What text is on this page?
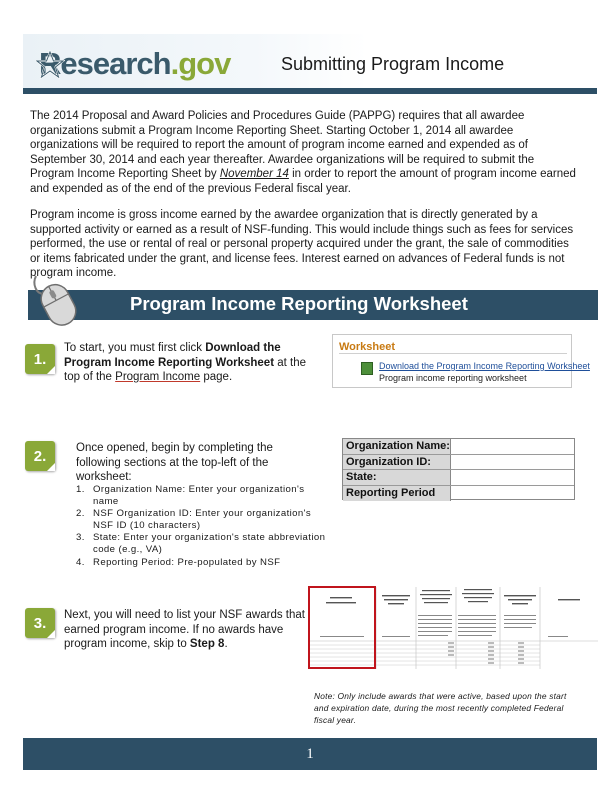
Research .gov	Submitting Program Income
The 2014 Proposal and Award Policies and Procedures Guide (PAPPG) requires that all awardee organizations submit a Program Income Reporting Sheet. Starting October 1, 2014 all awardee organizations will be required to report the amount of program income earned and expended as of September 30, 2014 and each year thereafter. Awardee organizations will be required to submit the Program Income Reporting Sheet by November 14 in order to report the amount of program income earned and expended as of the end of the previous Federal fiscal year.
Program income is gross income earned by the awardee organization that is directly generated by a supported activity or earned as a result of NSF-funding. This would include things such as fees for services performed, the use or rental of real or personal property acquired under the grant, the sale of commodities or items fabricated under the grant, and license fees. Interest earned on advances of Federal funds is not program income.
Program Income Reporting Worksheet
1.
To start, you must first click Download the Program Income Reporting Worksheet at the top of the Program Income page.
Worksheet
Download the Program Income Reporting Worksheet
Program income reporting worksheet
2.	Once opened, begin by completing the following sections at the top-left of the worksheet:
1. Organization Name: Enter your organization's name
2. NSF Organization ID: Enter your organization's NSF ID (10 characters)
3. State: Enter your organization's state abbreviation code (e.g., VA)
4. Reporting Period: Pre-populated by NSF
Organization Name:
Organization ID:
State:
Reporting Period
3. Next, you will need to list your NSF awards that earned program income. If no awards have program income, skip to Step 8.
Note: Only include awards that were active, based upon the start and expiration date, during the most recently completed Federal fiscal year.
1
